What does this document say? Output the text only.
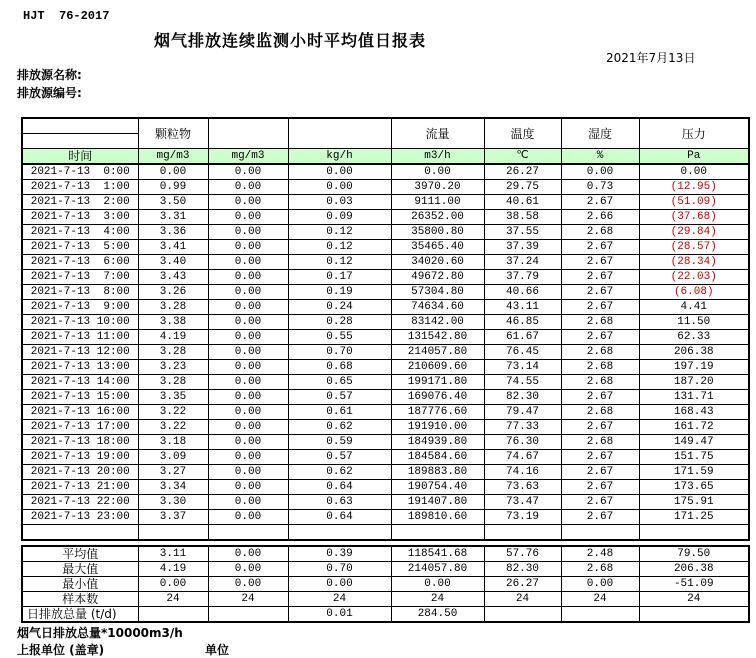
HJT  76-2017
烟气排放连续监测小时平均值日报表
2021年7月13日
排放源名称:
排放源编号:
	颗粒物			流量	温度	湿度	压力

时间	mg/m3	mg/m3	kg/h	m3/h	℃	%	Pa
2021-7-13  0:00	0.00	0.00	0.00	0.00	26.27	0.00	0.00
2021-7-13  1:00	0.99	0.00	0.00	3970.20	29.75	0.73	(12.95)
2021-7-13  2:00	3.50	0.00	0.03	9111.00	40.61	2.67	(51.09)
2021-7-13  3:00	3.31	0.00	0.09	26352.00	38.58	2.66	(37.68)
2021-7-13  4:00	3.36	0.00	0.12	35800.80	37.55	2.68	(29.84)
2021-7-13  5:00	3.41	0.00	0.12	35465.40	37.39	2.67	(28.57)
2021-7-13  6:00	3.40	0.00	0.12	34020.60	37.24	2.67	(28.34)
2021-7-13  7:00	3.43	0.00	0.17	49672.80	37.79	2.67	(22.03)
2021-7-13  8:00	3.26	0.00	0.19	57304.80	40.66	2.67	(6.08)
2021-7-13  9:00	3.28	0.00	0.24	74634.60	43.11	2.67	4.41
2021-7-13 10:00	3.38	0.00	0.28	83142.00	46.85	2.68	11.50
2021-7-13 11:00	4.19	0.00	0.55	131542.80	61.67	2.67	62.33
2021-7-13 12:00	3.28	0.00	0.70	214057.80	76.45	2.68	206.38
2021-7-13 13:00	3.23	0.00	0.68	210609.60	73.14	2.68	197.19
2021-7-13 14:00	3.28	0.00	0.65	199171.80	74.55	2.68	187.20
2021-7-13 15:00	3.35	0.00	0.57	169076.40	82.30	2.67	131.71
2021-7-13 16:00	3.22	0.00	0.61	187776.60	79.47	2.68	168.43
2021-7-13 17:00	3.22	0.00	0.62	191910.00	77.33	2.67	161.72
2021-7-13 18:00	3.18	0.00	0.59	184939.80	76.30	2.68	149.47
2021-7-13 19:00	3.09	0.00	0.57	184584.60	74.67	2.67	151.75
2021-7-13 20:00	3.27	0.00	0.62	189883.80	74.16	2.67	171.59
2021-7-13 21:00	3.34	0.00	0.64	190754.40	73.63	2.67	173.65
2021-7-13 22:00	3.30	0.00	0.63	191407.80	73.47	2.67	175.91
2021-7-13 23:00	3.37	0.00	0.64	189810.60	73.19	2.67	171.25

平均值	3.11	0.00	0.39	118541.68	57.76	2.48	79.50
最大值	4.19	0.00	0.70	214057.80	82.30	2.68	206.38
最小值	0.00	0.00	0.00	0.00	26.27	0.00	-51.09
样本数	24	24	24	24	24	24	24
日排放总量 (t/d)			0.01	284.50			
烟气日排放总量*10000m3/h
上报单位 (盖章)	单位
